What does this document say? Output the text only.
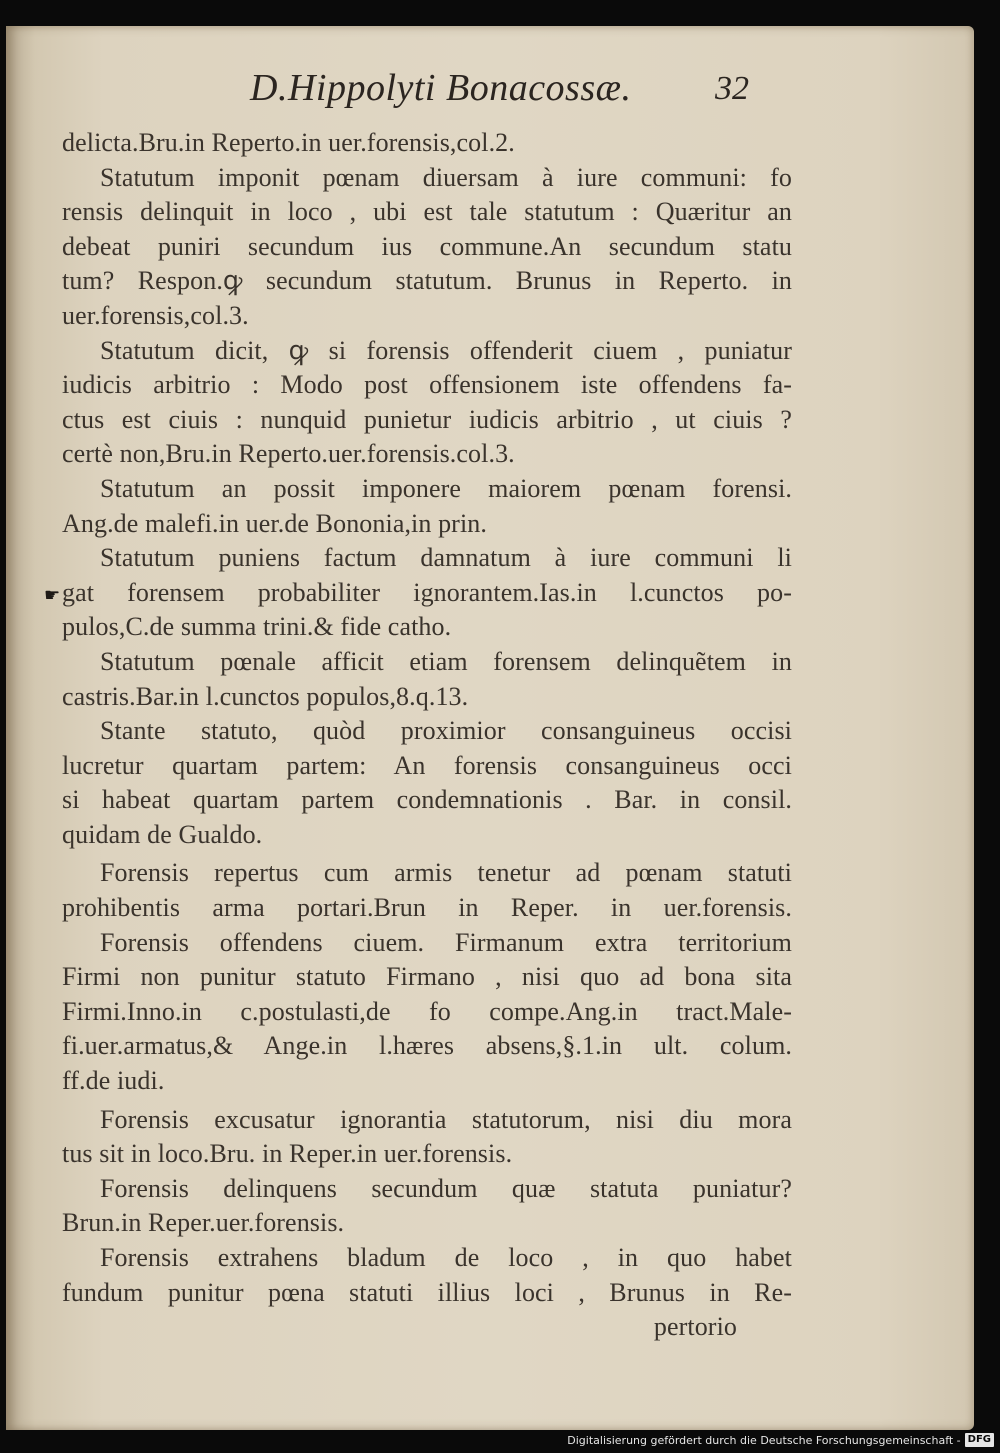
D.Hippolyti Bonacossæ. 32
☛
delicta.Bru.in Reperto.in uer.forensis,col.2.
Statutum imponit pœnam diuersam à iure communi: fo
rensis delinquit in loco , ubi est tale statutum : Quæritur an
debeat puniri secundum ius commune.An secundum statu
tum? Respon.ꝙ secundum statutum. Brunus in Reperto. in
uer.forensis,col.3.
Statutum dicit, ꝙ si forensis offenderit ciuem , puniatur
iudicis arbitrio : Modo post offensionem iste offendens fa-
ctus est ciuis : nunquid punietur iudicis arbitrio , ut ciuis ?
certè non,Bru.in Reperto.uer.forensis.col.3.
Statutum an possit imponere maiorem pœnam forensi.
Ang.de malefi.in uer.de Bononia,in prin.
Statutum puniens factum damnatum à iure communi li
gat forensem probabiliter ignorantem.Ias.in l.cunctos po-
pulos,C.de summa trini.& fide catho.
Statutum pœnale afficit etiam forensem delinquẽtem in
castris.Bar.in l.cunctos populos,8.q.13.
Stante statuto, quòd proximior consanguineus occisi
lucretur quartam partem: An forensis consanguineus occi
si habeat quartam partem condemnationis . Bar. in consil.
quidam de Gualdo.
Forensis repertus cum armis tenetur ad pœnam statuti
prohibentis arma portari.Brun in Reper. in uer.forensis.
Forensis offendens ciuem. Firmanum extra territorium
Firmi non punitur statuto Firmano , nisi quo ad bona sita
Firmi.Inno.in c.postulasti,de fo compe.Ang.in tract.Male-
fi.uer.armatus,& Ange.in l.hæres absens,§.1.in ult. colum.
ff.de iudi.
Forensis excusatur ignorantia statutorum, nisi diu mora
tus sit in loco.Bru. in Reper.in uer.forensis.
Forensis delinquens secundum quæ statuta puniatur?
Brun.in Reper.uer.forensis.
Forensis extrahens bladum de loco , in quo habet
fundum punitur pœna statuti illius loci , Brunus in Re-
pertorio
Digitalisierung gefördert durch die Deutsche Forschungsgemeinschaft - DFG
